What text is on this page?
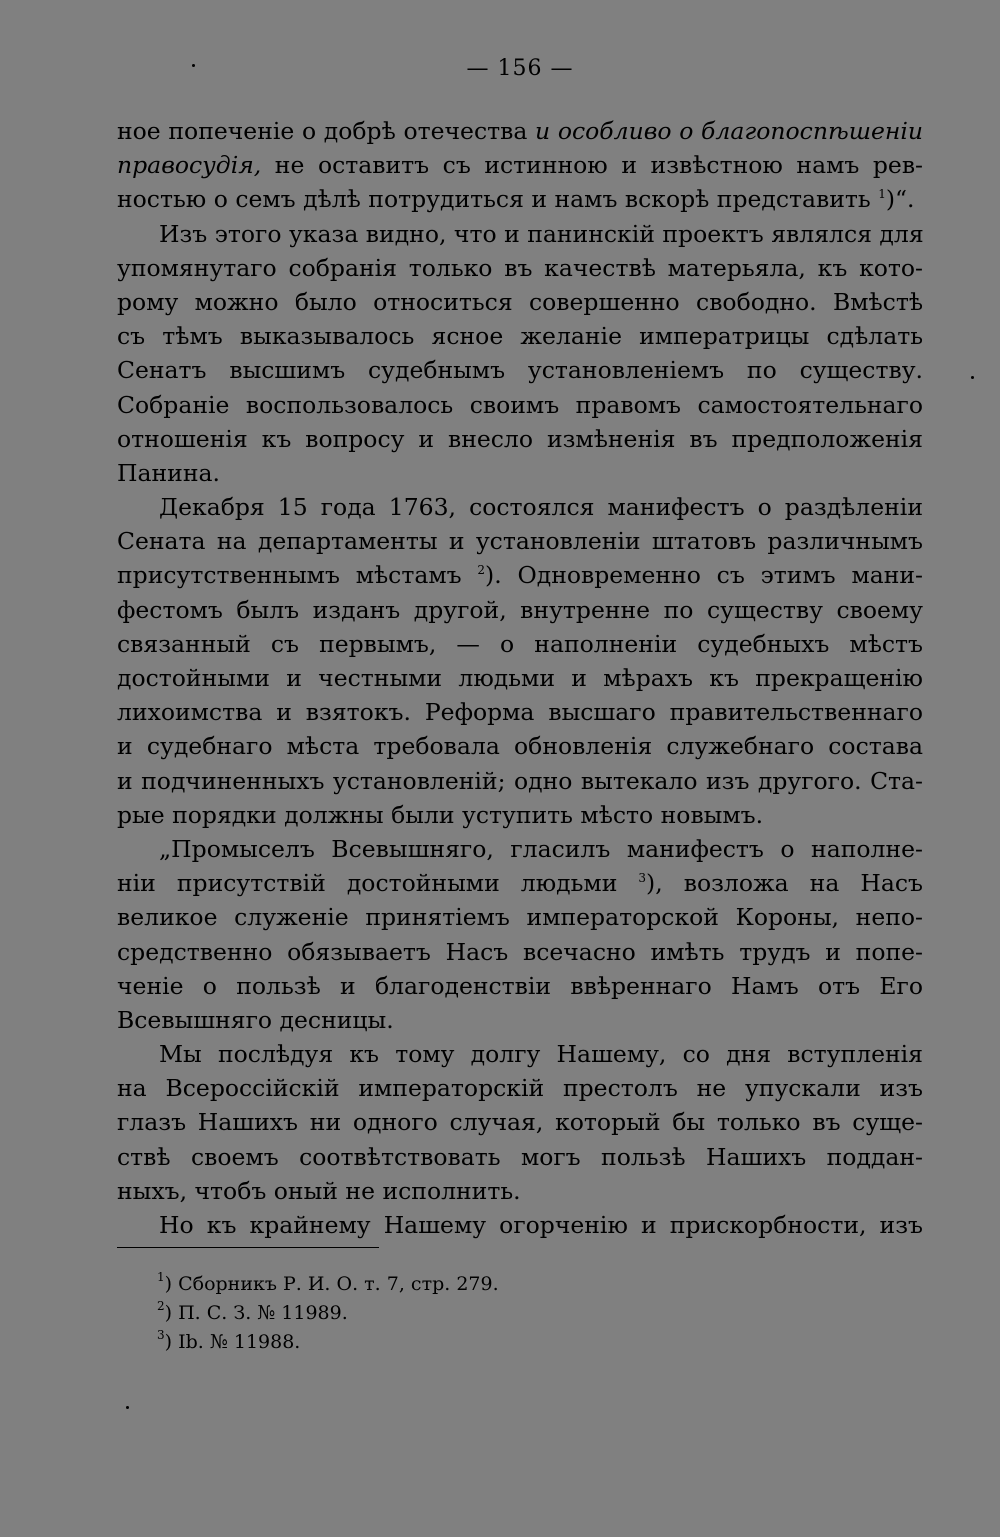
— 156 —
ное попеченіе о добрѣ отечества и особливо о благопоспѣшеніи
правосудія, не оставитъ съ истинною и извѣстною намъ рев-
ностью о семъ дѣлѣ потрудиться и намъ вскорѣ представить $^1$)“.
Изъ этого указа видно, что и панинскій проектъ являлся для
упомянутаго собранія только въ качествѣ матерьяла, къ кото-
рому можно было относиться совершенно свободно. Вмѣстѣ
съ тѣмъ выказывалось ясное желаніе императрицы сдѣлать
Сенатъ высшимъ судебнымъ установленіемъ по существу.
Собраніе воспользовалось своимъ правомъ самостоятельнаго
отношенія къ вопросу и внесло измѣненія въ предположенія
Панина.
Декабря 15 года 1763, состоялся манифестъ о раздѣленіи
Сената на департаменты и установленіи штатовъ различнымъ
присутственнымъ мѣстамъ $^2$). Одновременно съ этимъ мани-
фестомъ былъ изданъ другой, внутренне по существу своему
связанный съ первымъ, — о наполненіи судебныхъ мѣстъ
достойными и честными людьми и мѣрахъ къ прекращенію
лихоимства и взятокъ. Реформа высшаго правительственнаго
и судебнаго мѣста требовала обновленія служебнаго состава
и подчиненныхъ установленій; одно вытекало изъ другого. Ста-
рые порядки должны были уступить мѣсто новымъ.
„Промыселъ Всевышняго, гласилъ манифестъ о наполне-
ніи присутствій достойными людьми $^3$), возложа на Насъ
великое служеніе принятіемъ императорской Короны, непо-
средственно обязываетъ Насъ всечасно имѣть трудъ и попе-
ченіе о пользѣ и благоденствіи ввѣреннаго Намъ отъ Его
Всевышняго десницы.
Мы послѣдуя къ тому долгу Нашему, со дня вступленія
на Всероссійскій императорскій престолъ не упускали изъ
глазъ Нашихъ ни одного случая, который бы только въ суще-
ствѣ своемъ соотвѣтствовать могъ пользѣ Нашихъ поддан-
ныхъ, чтобъ оный не исполнить.
Но къ крайнему Нашему огорченію и прискорбности, изъ
$^1$) Сборникъ Р. И. О. т. 7, стр. 279.
$^2$) П. С. З. № 11989.
$^3$) Ib. № 11988.
